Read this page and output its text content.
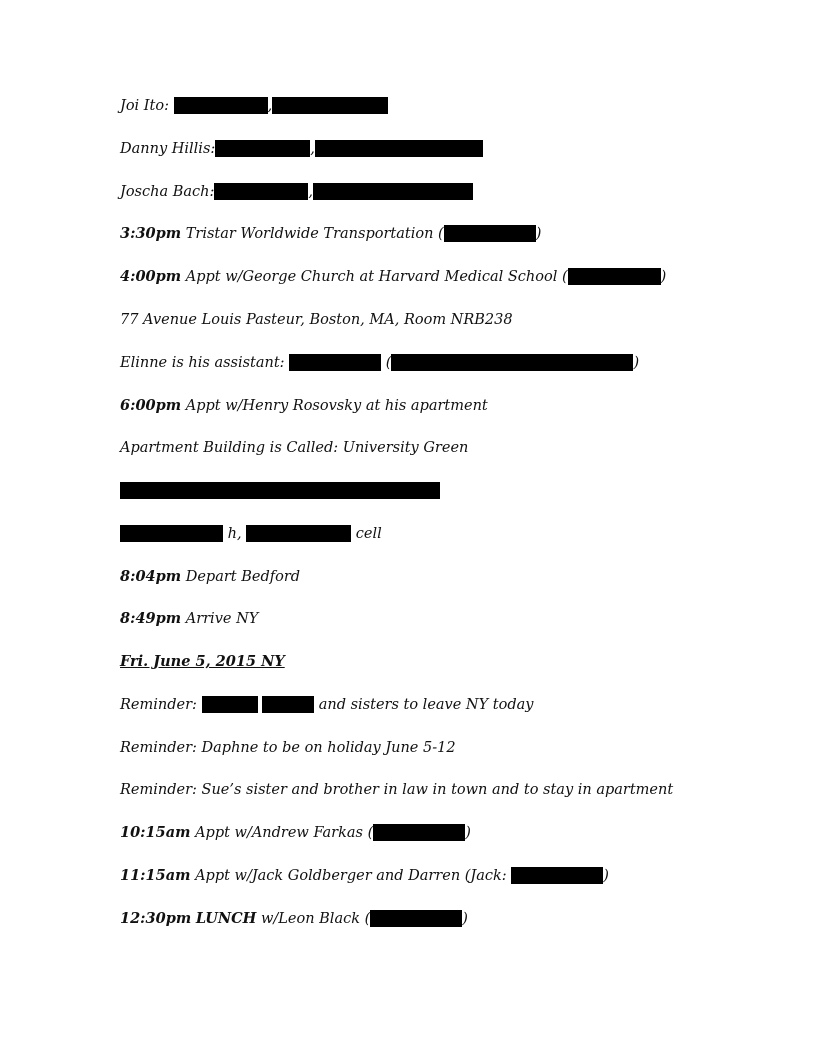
Joi Ito:	,
Danny Hillis:	,
Joscha Bach:	,
3:30pm Tristar Worldwide Transportation (	)
4:00pm Appt w/George Church at Harvard Medical School (	)
77 Avenue Louis Pasteur, Boston, MA, Room NRB238
Elinne is his assistant:	(	)
6:00pm Appt w/Henry Rosovsky at his apartment
Apartment Building is Called: University Green
h,	cell
8:04pm Depart Bedford
8:49pm Arrive NY
Fri. June 5, 2015 NY
Reminder:	and sisters to leave NY today
Reminder: Daphne to be on holiday June 5-12
Reminder: Sue’s sister and brother in law in town and to stay in apartment
10:15am Appt w/Andrew Farkas (	)
11:15am Appt w/Jack Goldberger and Darren (Jack:	)
12:30pm LUNCH w/Leon Black (	)
